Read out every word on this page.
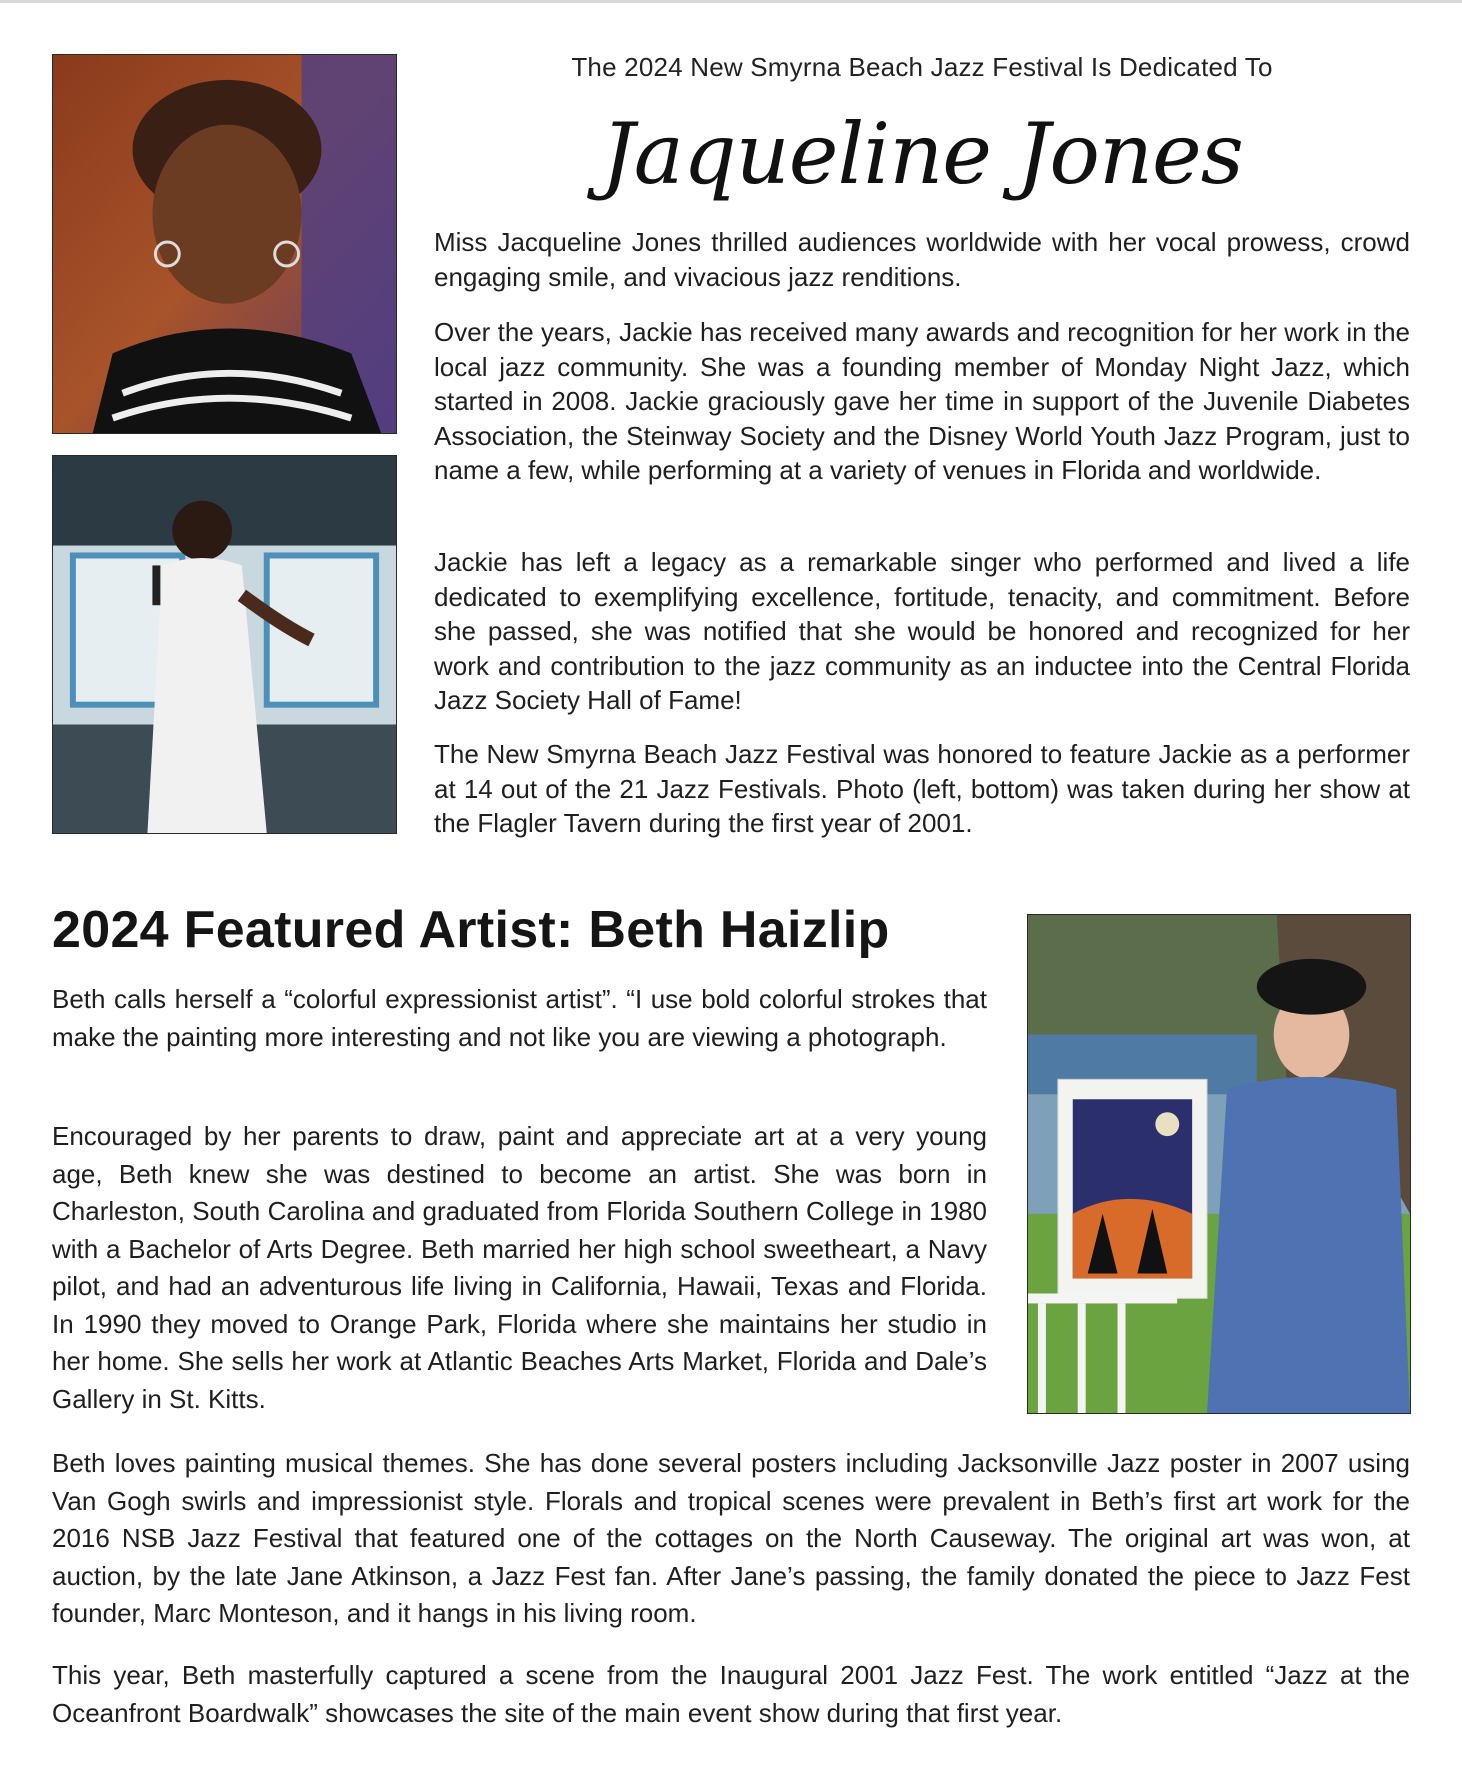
The 2024 New Smyrna Beach Jazz Festival Is Dedicated To
Jaqueline Jones

Miss Jacqueline Jones thrilled audiences worldwide with her vocal prowess, crowd engaging smile, and vivacious jazz renditions.

Over the years, Jackie has received many awards and recognition for her work in the local jazz community. She was a founding member of Monday Night Jazz, which started in 2008. Jackie graciously gave her time in support of the Juvenile Diabetes Association, the Steinway Society and the Disney World Youth Jazz Program, just to name a few, while performing at a variety of venues in Florida and worldwide.

Jackie has left a legacy as a remarkable singer who performed and lived a life dedicated to exemplifying excellence, fortitude, tenacity, and commitment. Before she passed, she was notified that she would be honored and recognized for her work and contribution to the jazz community as an inductee into the Central Florida Jazz Society Hall of Fame!

The New Smyrna Beach Jazz Festival was honored to feature Jackie as a performer at 14 out of the 21 Jazz Festivals. Photo (left, bottom) was taken during her show at the Flagler Tavern during the first year of 2001.

2024 Featured Artist: Beth Haizlip

Beth calls herself a “colorful expressionist artist”. “I use bold colorful strokes that make the painting more interesting and not like you are viewing a photograph.

Encouraged by her parents to draw, paint and appreciate art at a very young age, Beth knew she was destined to become an artist. She was born in Charleston, South Carolina and graduated from Florida Southern College in 1980 with a Bachelor of Arts Degree. Beth married her high school sweetheart, a Navy pilot, and had an adventurous life living in California, Hawaii, Texas and Florida. In 1990 they moved to Orange Park, Florida where she maintains her studio in her home. She sells her work at Atlantic Beaches Arts Market, Florida and Dale’s Gallery in St. Kitts.

Beth loves painting musical themes. She has done several posters including Jacksonville Jazz poster in 2007 using Van Gogh swirls and impressionist style. Florals and tropical scenes were prevalent in Beth’s first art work for the 2016 NSB Jazz Festival that featured one of the cottages on the North Causeway. The original art was won, at auction, by the late Jane Atkinson, a Jazz Fest fan. After Jane’s passing, the family donated the piece to Jazz Fest founder, Marc Monteson, and it hangs in his living room.

This year, Beth masterfully captured a scene from the Inaugural 2001 Jazz Fest. The work entitled “Jazz at the Oceanfront Boardwalk” showcases the site of the main event show during that first year.
